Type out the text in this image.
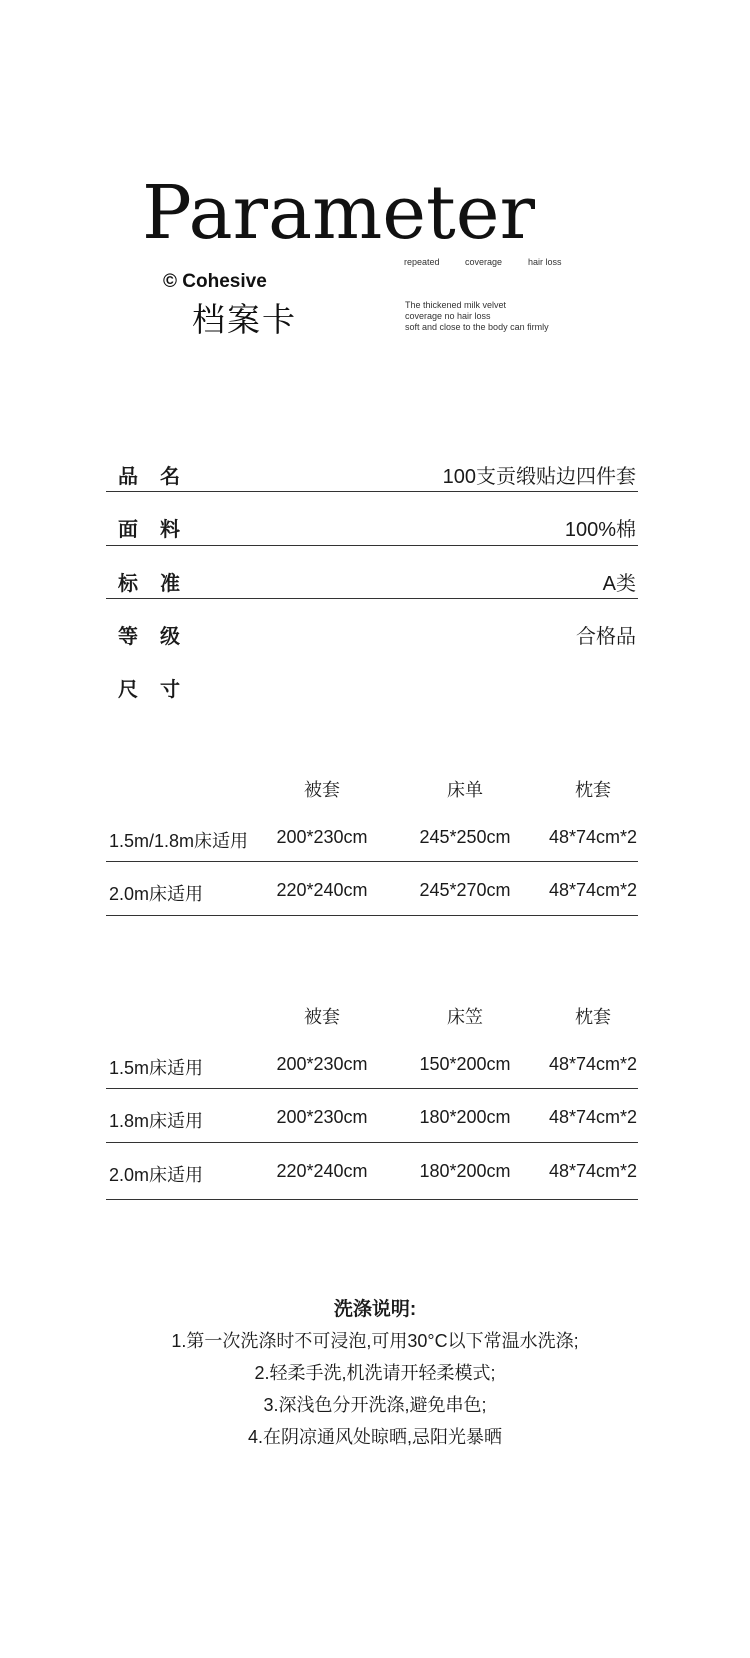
Parameter
repeated	coverage	hair loss
© Cohesive
档案卡	The thickened milk velvet
coverage no hair loss
soft and close to the body can firmly
品名	100支贡缎贴边四件套
面料	100%棉
标准	A类
等级	合格品
尺寸
被套	床单	枕套
1.5m/1.8m床适用 200*230cm	245*250cm	48*74cm*2
2.0m床适用	220*240cm	245*270cm	48*74cm*2
被套	床笠	枕套
1.5m床适用	200*230cm	150*200cm	48*74cm*2
1.8m床适用	200*230cm	180*200cm	48*74cm*2
2.0m床适用	220*240cm	180*200cm	48*74cm*2
洗涤说明:
1.第一次洗涤时不可浸泡,可用30°C以下常温水洗涤;
2.轻柔手洗,机洗请开轻柔模式;
3.深浅色分开洗涤,避免串色;
4.在阴凉通风处晾晒,忌阳光暴晒
